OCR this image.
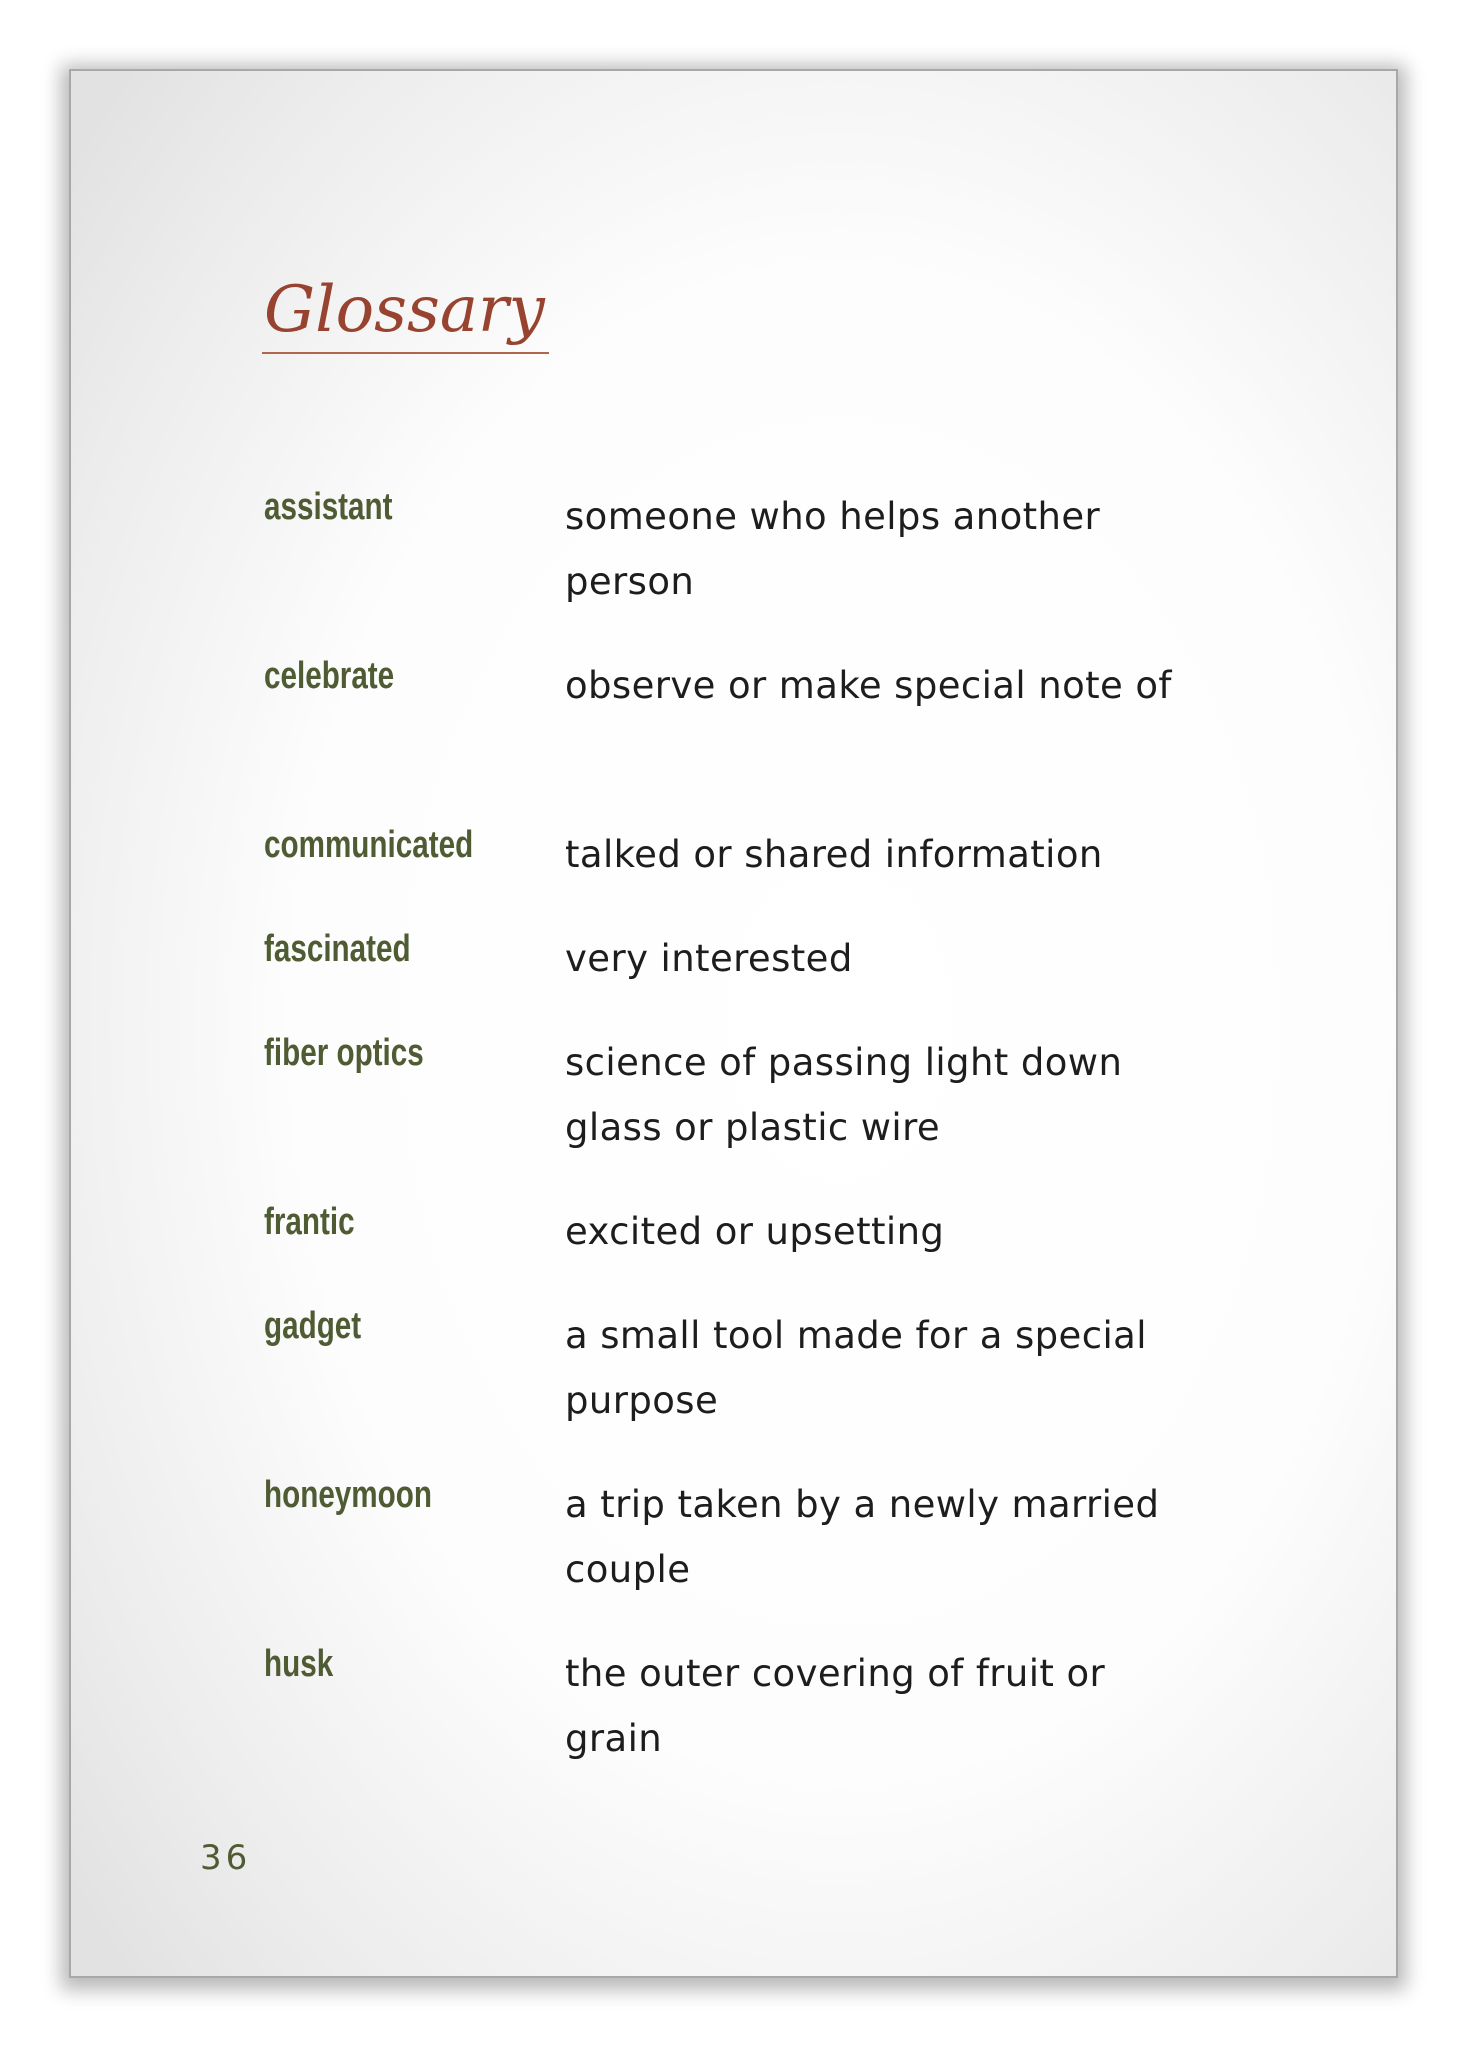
Glossary
assistant	someone who helps another person
celebrate	observe or make special note of
communicated talked or shared information
fascinated	very interested
fiber optics	science of passing light down glass or plastic wire
frantic	excited or upsetting
gadget	a small tool made for a special purpose
honeymoon	a trip taken by a newly married couple
husk	the outer covering of fruit or grain
36
